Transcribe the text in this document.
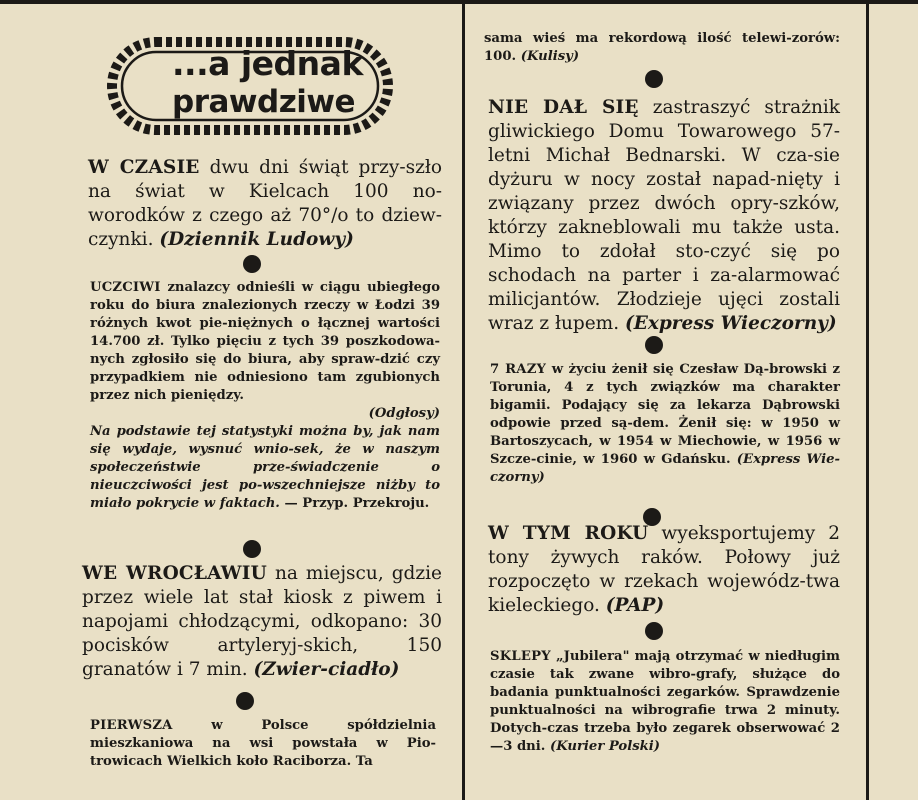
...a jednak
prawdziwe
W CZASIE dwu dni świąt przy-szło na świat w Kielcach 100 no-worodków z czego aż 70°/o to dziew-czynki. (Dziennik Ludowy)
UCZCIWI znalazcy odnieśli w ciągu ubiegłego roku do biura znalezionych rzeczy w Łodzi 39 różnych kwot pie-niężnych o łącznej wartości 14.700 zł. Tylko pięciu z tych 39 poszkodowa-nych zgłosiło się do biura, aby spraw-dzić czy przypadkiem nie odniesiono tam zgubionych przez nich pieniędzy.
(Odgłosy)
Na podstawie tej statystyki można by, jak nam się wydaje, wysnuć wnio-sek, że w naszym społeczeństwie prze-świadczenie o nieuczciwości jest po-wszechniejsze niżby to miało pokrycie w faktach. — Przyp. Przekroju.
WE WROCŁAWIU na miejscu, gdzie przez wiele lat stał kiosk z piwem i napojami chłodzącymi, odkopano: 30 pocisków artyleryj-skich, 150 granatów i 7 min. (Zwier-ciadło)
PIERWSZA w Polsce spółdzielnia mieszkaniowa na wsi powstała w Pio-trowicach Wielkich koło Raciborza. Ta
sama wieś ma rekordową ilość telewi-zorów: 100. (Kulisy)
NIE DAŁ SIĘ zastraszyć strażnik gliwickiego Domu Towarowego 57-letni Michał Bednarski. W cza-sie dyżuru w nocy został napad-nięty i związany przez dwóch opry-szków, którzy zakneblowali mu także usta. Mimo to zdołał sto-czyć się po schodach na parter i za-alarmować milicjantów. Złodzieje ujęci zostali wraz z łupem. (Express Wieczorny)
7 RAZY w życiu żenił się Czesław Dą-browski z Torunia, 4 z tych związków ma charakter bigamii. Podający się za lekarza Dąbrowski odpowie przed są-dem. Żenił się: w 1950 w Bartoszycach, w 1954 w Miechowie, w 1956 w Szcze-cinie, w 1960 w Gdańsku. (Express Wie-czorny)
W TYM ROKU wyeksportujemy 2 tony żywych raków. Połowy już rozpoczęto w rzekach wojewódz-twa kieleckiego. (PAP)
SKLEPY „Jubilera" mają otrzymać w niedługim czasie tak zwane wibro-grafy, służące do badania punktualności zegarków. Sprawdzenie punktualności na wibrografie trwa 2 minuty. Dotych-czas trzeba było zegarek obserwować 2—3 dni. (Kurier Polski)
